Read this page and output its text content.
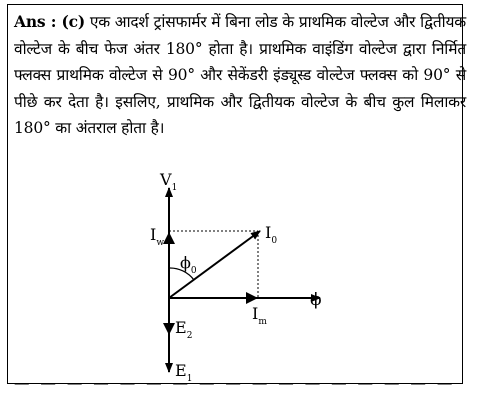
Ans : (c) एक आदर्श ट्रांसफार्मर में बिना लोड के प्राथमिक वोल्टेज और द्वितीयक वोल्टेज के बीच फेज अंतर 180° होता है। प्राथमिक वाइंडिंग वोल्टेज द्वारा निर्मित फ्लक्स प्राथमिक वोल्टेज से 90° और सेकेंडरी इंड्यूस्ड वोल्टेज फ्लक्स को 90° से पीछे कर देता है। इसलिए, प्राथमिक और द्वितीयक वोल्टेज के बीच कुल मिलाकर 180° का अंतराल होता है।
$V_1$
$I_0$
$I_w$
$\phi_0$
$I_m$
ϕ
$E_2$
$E_1$
